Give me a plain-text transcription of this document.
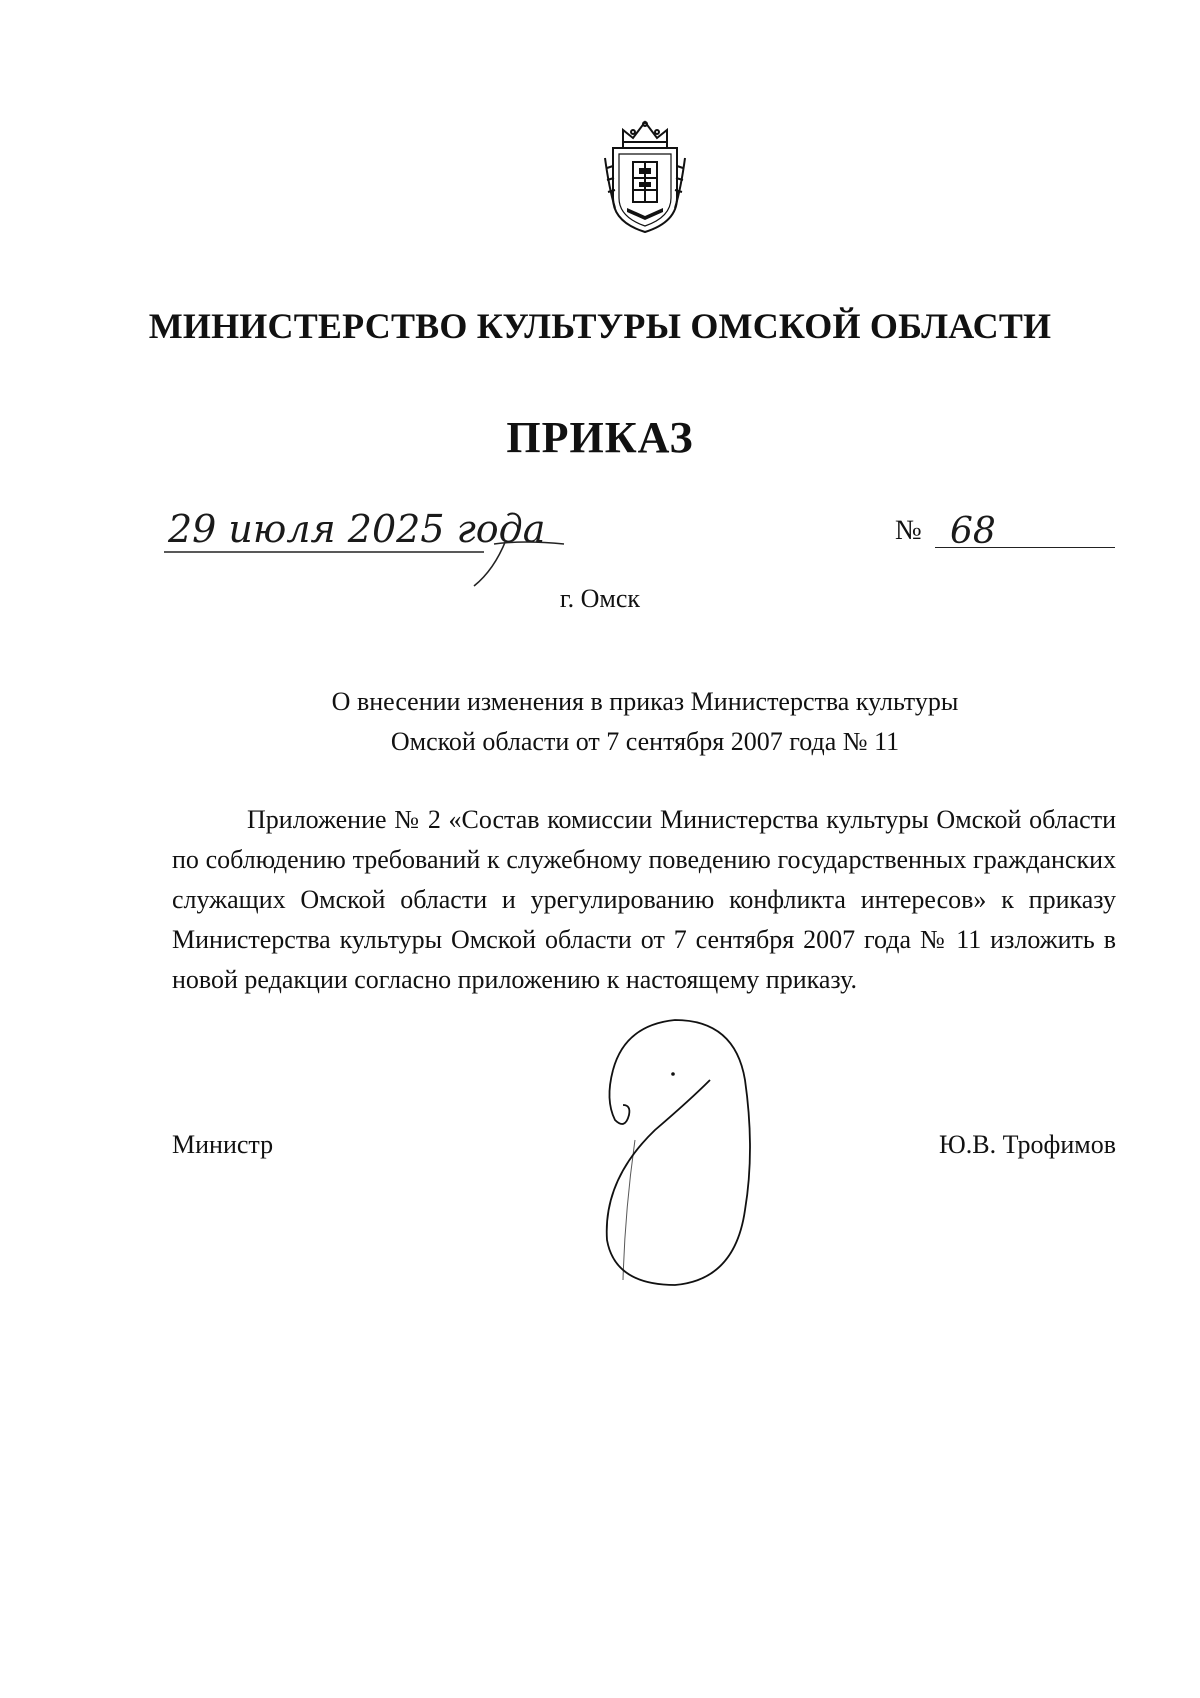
МИНИСТЕРСТВО КУЛЬТУРЫ ОМСКОЙ ОБЛАСТИ
ПРИКАЗ
29 июля 2025 года	№ 68
г. Омск
О внесении изменения в приказ Министерства культуры
Омской области от 7 сентября 2007 года № 11
Приложение № 2 «Состав комиссии Министерства культуры Омской области по соблюдению требований к служебному поведению государственных гражданских служащих Омской области и урегулированию конфликта интересов» к приказу Министерства культуры Омской области от 7 сентября 2007 года № 11 изложить в новой редакции согласно приложению к настоящему приказу.
Министр	Ю.В. Трофимов
